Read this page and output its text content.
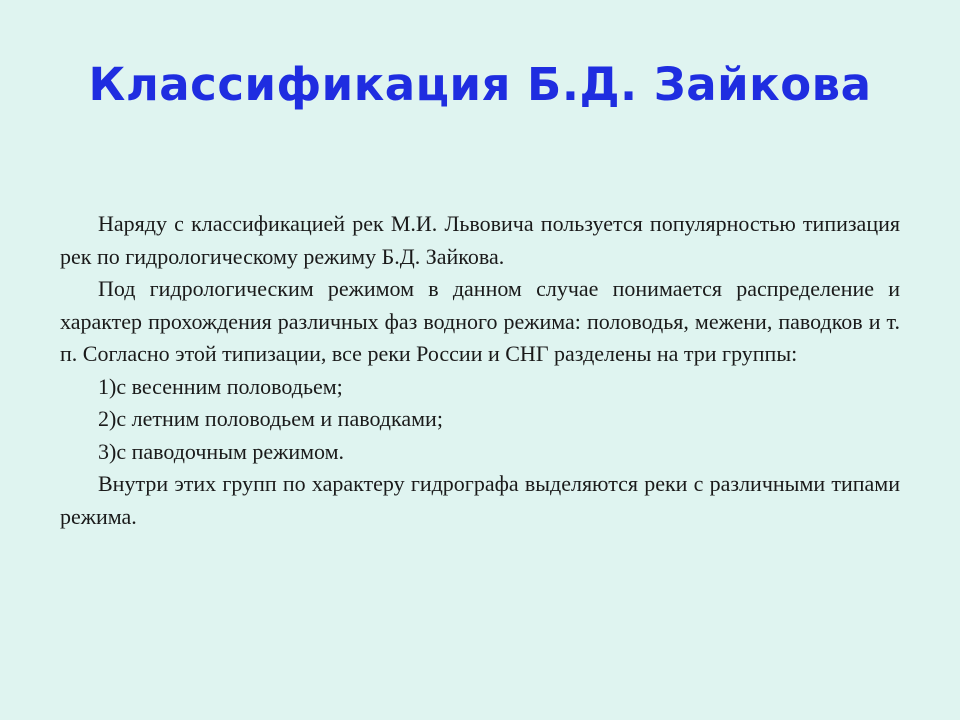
Классификация Б.Д. Зайкова

Наряду с классификацией рек М.И. Львовича пользуется популярностью типизация рек по гидрологическому режиму Б.Д. Зайкова.

Под гидрологическим режимом в данном случае понимается распределение и характер прохождения различных фаз водного режима: половодья, межени, паводков и т. п. Согласно этой типизации, все реки России и СНГ разделены на три группы:

1)с весенним половодьем;

2)с летним половодьем и паводками;

3)с паводочным режимом.

Внутри этих групп по характеру гидрографа выделяются реки с различными типами режима.
